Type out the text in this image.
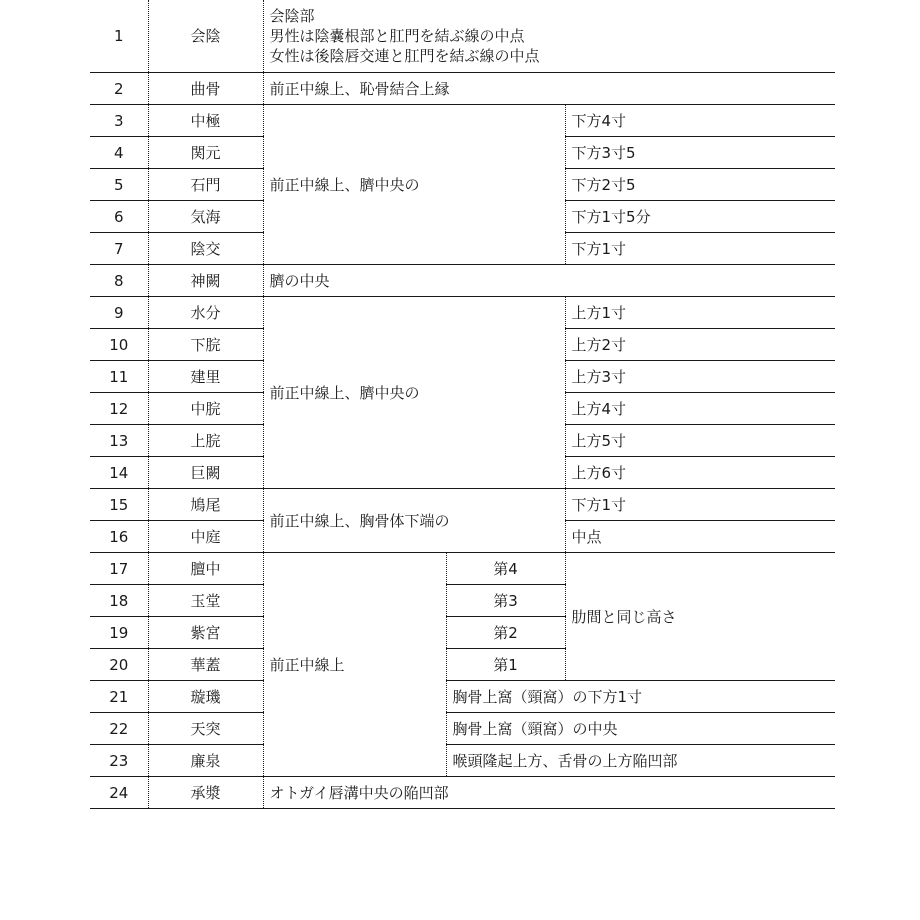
1	会陰	会陰部
男性は陰嚢根部と肛門を結ぶ線の中点
女性は後陰唇交連と肛門を結ぶ線の中点		

2	曲骨	前正中線上、恥骨結合上縁		
3	中極	前正中線上、臍中央の		下方4寸
4	関元			下方3寸5
5	石門			下方2寸5
6	気海			下方1寸5分
7	陰交			下方1寸
8	神闕	臍の中央		
9	水分	前正中線上、臍中央の		上方1寸
10	下脘			上方2寸
11	建里			上方3寸
12	中脘			上方4寸
13	上脘			上方5寸
14	巨闕			上方6寸
15	鳩尾	前正中線上、胸骨体下端の		下方1寸
16	中庭			中点
17	膻中	前正中線上	第4	肋間と同じ高さ
18	玉堂		第3	
19	紫宮		第2	
20	華蓋		第1	
21	璇璣		胸骨上窩（頸窩）の下方1寸	
22	天突		胸骨上窩（頸窩）の中央	
23	廉泉		喉頭隆起上方、舌骨の上方陥凹部	
24	承漿	オトガイ唇溝中央の陥凹部		
